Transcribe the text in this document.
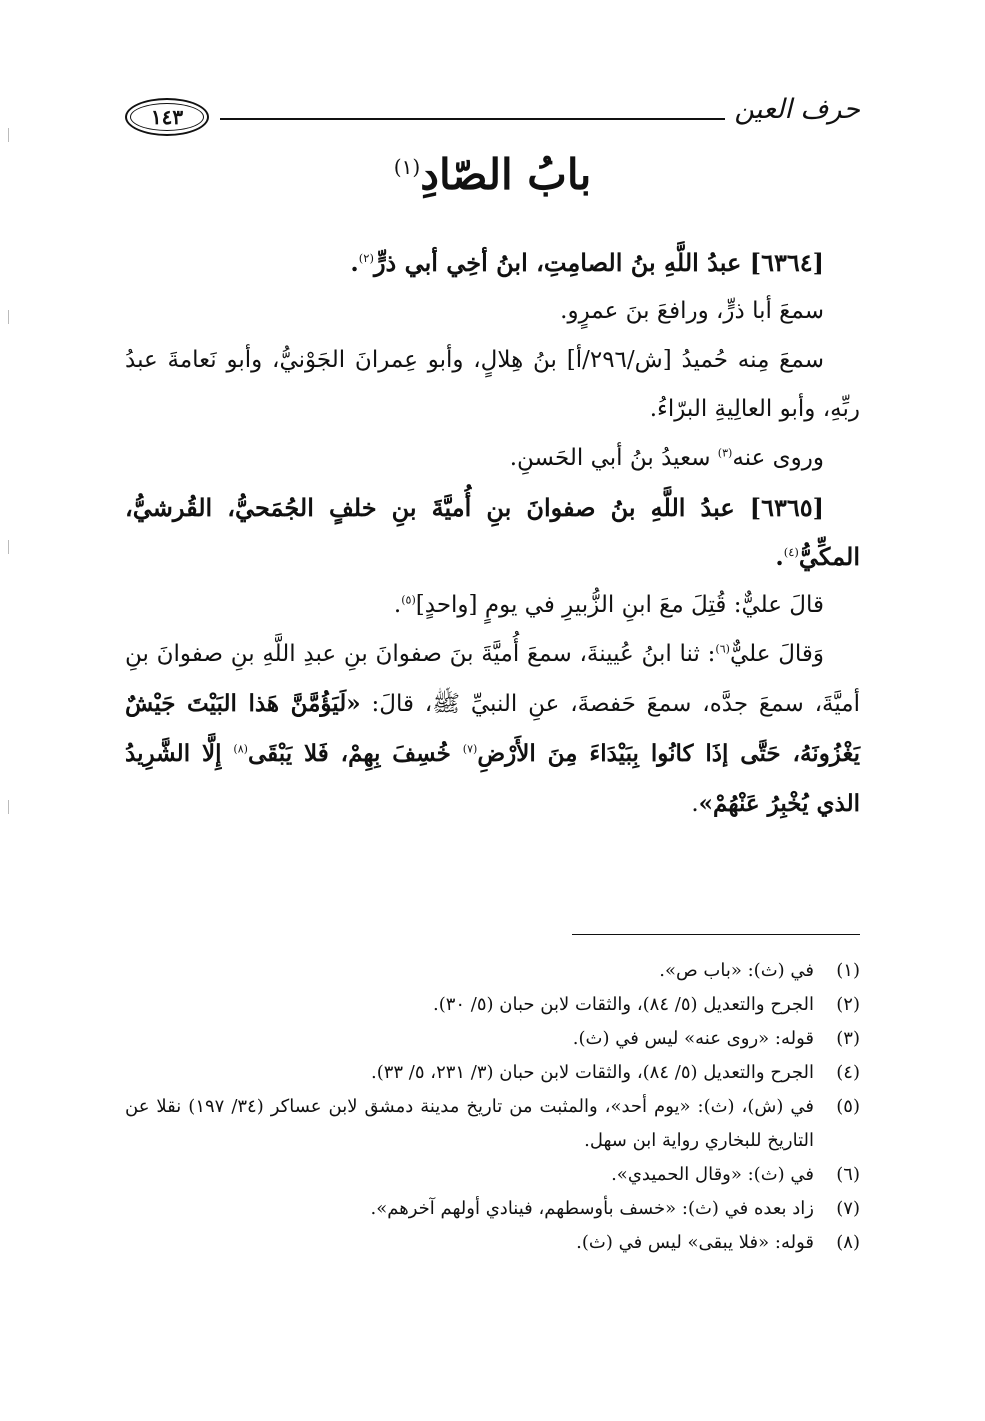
١٤٣	حرف العين
بابُ الصّادِ$^{(١)}$

[٦٣٦٤] عبدُ اللَّهِ بنُ الصامِتِ، ابنُ أخِي أبي ذرٍّ$^{(٢)}$.

سمعَ أبا ذرٍّ، ورافعَ بنَ عمرٍو.

سمعَ مِنه حُميدُ [ش/٢٩٦/أ] بنُ هِلالٍ، وأبو عِمرانَ الجَوْنيُّ، وأبو نَعامةَ عبدُ ربِّهِ، وأبو العالِيةِ البرّاءُ.

وروى عنه$^{(٣)}$ سعيدُ بنُ أبي الحَسنِ.

[٦٣٦٥] عبدُ اللَّهِ بنُ صفوانَ بنِ أُميَّةَ بنِ خلفٍ الجُمَحيُّ، القُرشيُّ، المكِّيُّ$^{(٤)}$.

قالَ عليٌّ: قُتِلَ معَ ابنِ الزُّبيرِ في يومٍ [واحدٍ]$^{(٥)}$.

وَقالَ عليٌّ$^{(٦)}$: ثنا ابنُ عُيينةَ، سمعَ أُميَّةَ بنَ صفوانَ بنِ عبدِ اللَّهِ بنِ صفوانَ بنِ أميَّةَ، سمعَ جدَّه، سمعَ حَفصةَ، عنِ النبيِّ ﷺ، قالَ: «لَيَؤُمَّنَّ هَذا البَيْتَ جَيْشٌ يَغْزُونَهُ، حَتَّى إذَا كانُوا بِبَيْدَاءَ مِنَ الأَرْضِ$^{(٧)}$ خُسِفَ بِهِمْ، فَلا يَبْقَى$^{(٨)}$ إِلَّا الشَّرِيدُ الذي يُخْبِرُ عَنْهُمْ».

(١)
في (ث): «باب ص».
(٢)
الجرح والتعديل (٥/ ٨٤)، والثقات لابن حبان (٥/ ٣٠).
(٣)
قوله: «روى عنه» ليس في (ث).
(٤)
الجرح والتعديل (٥/ ٨٤)، والثقات لابن حبان (٣/ ٢٣١، ٥/ ٣٣).
(٥)
في (ش)، (ث): «يوم أحد»، والمثبت من تاريخ مدينة دمشق لابن عساكر (٣٤/ ١٩٧) نقلا عن التاريخ للبخاري رواية ابن سهل.
(٦)
في (ث): «وقال الحميدي».
(٧)
زاد بعده في (ث): «خسف بأوسطهم، فينادي أولهم آخرهم».
(٨)
قوله: «فلا يبقى» ليس في (ث).
